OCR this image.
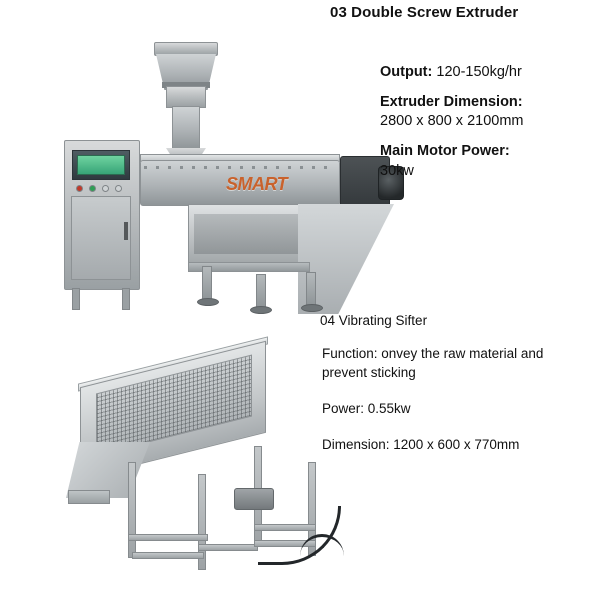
03 Double Screw Extruder
SMART
Output: 120-150kg/hr
Extruder Dimension:
2800 x 800 x 2100mm
Main Motor Power:
30kw
04 Vibrating Sifter
Function: onvey the raw material and prevent sticking
Power: 0.55kw
Dimension: 1200 x 600 x 770mm
